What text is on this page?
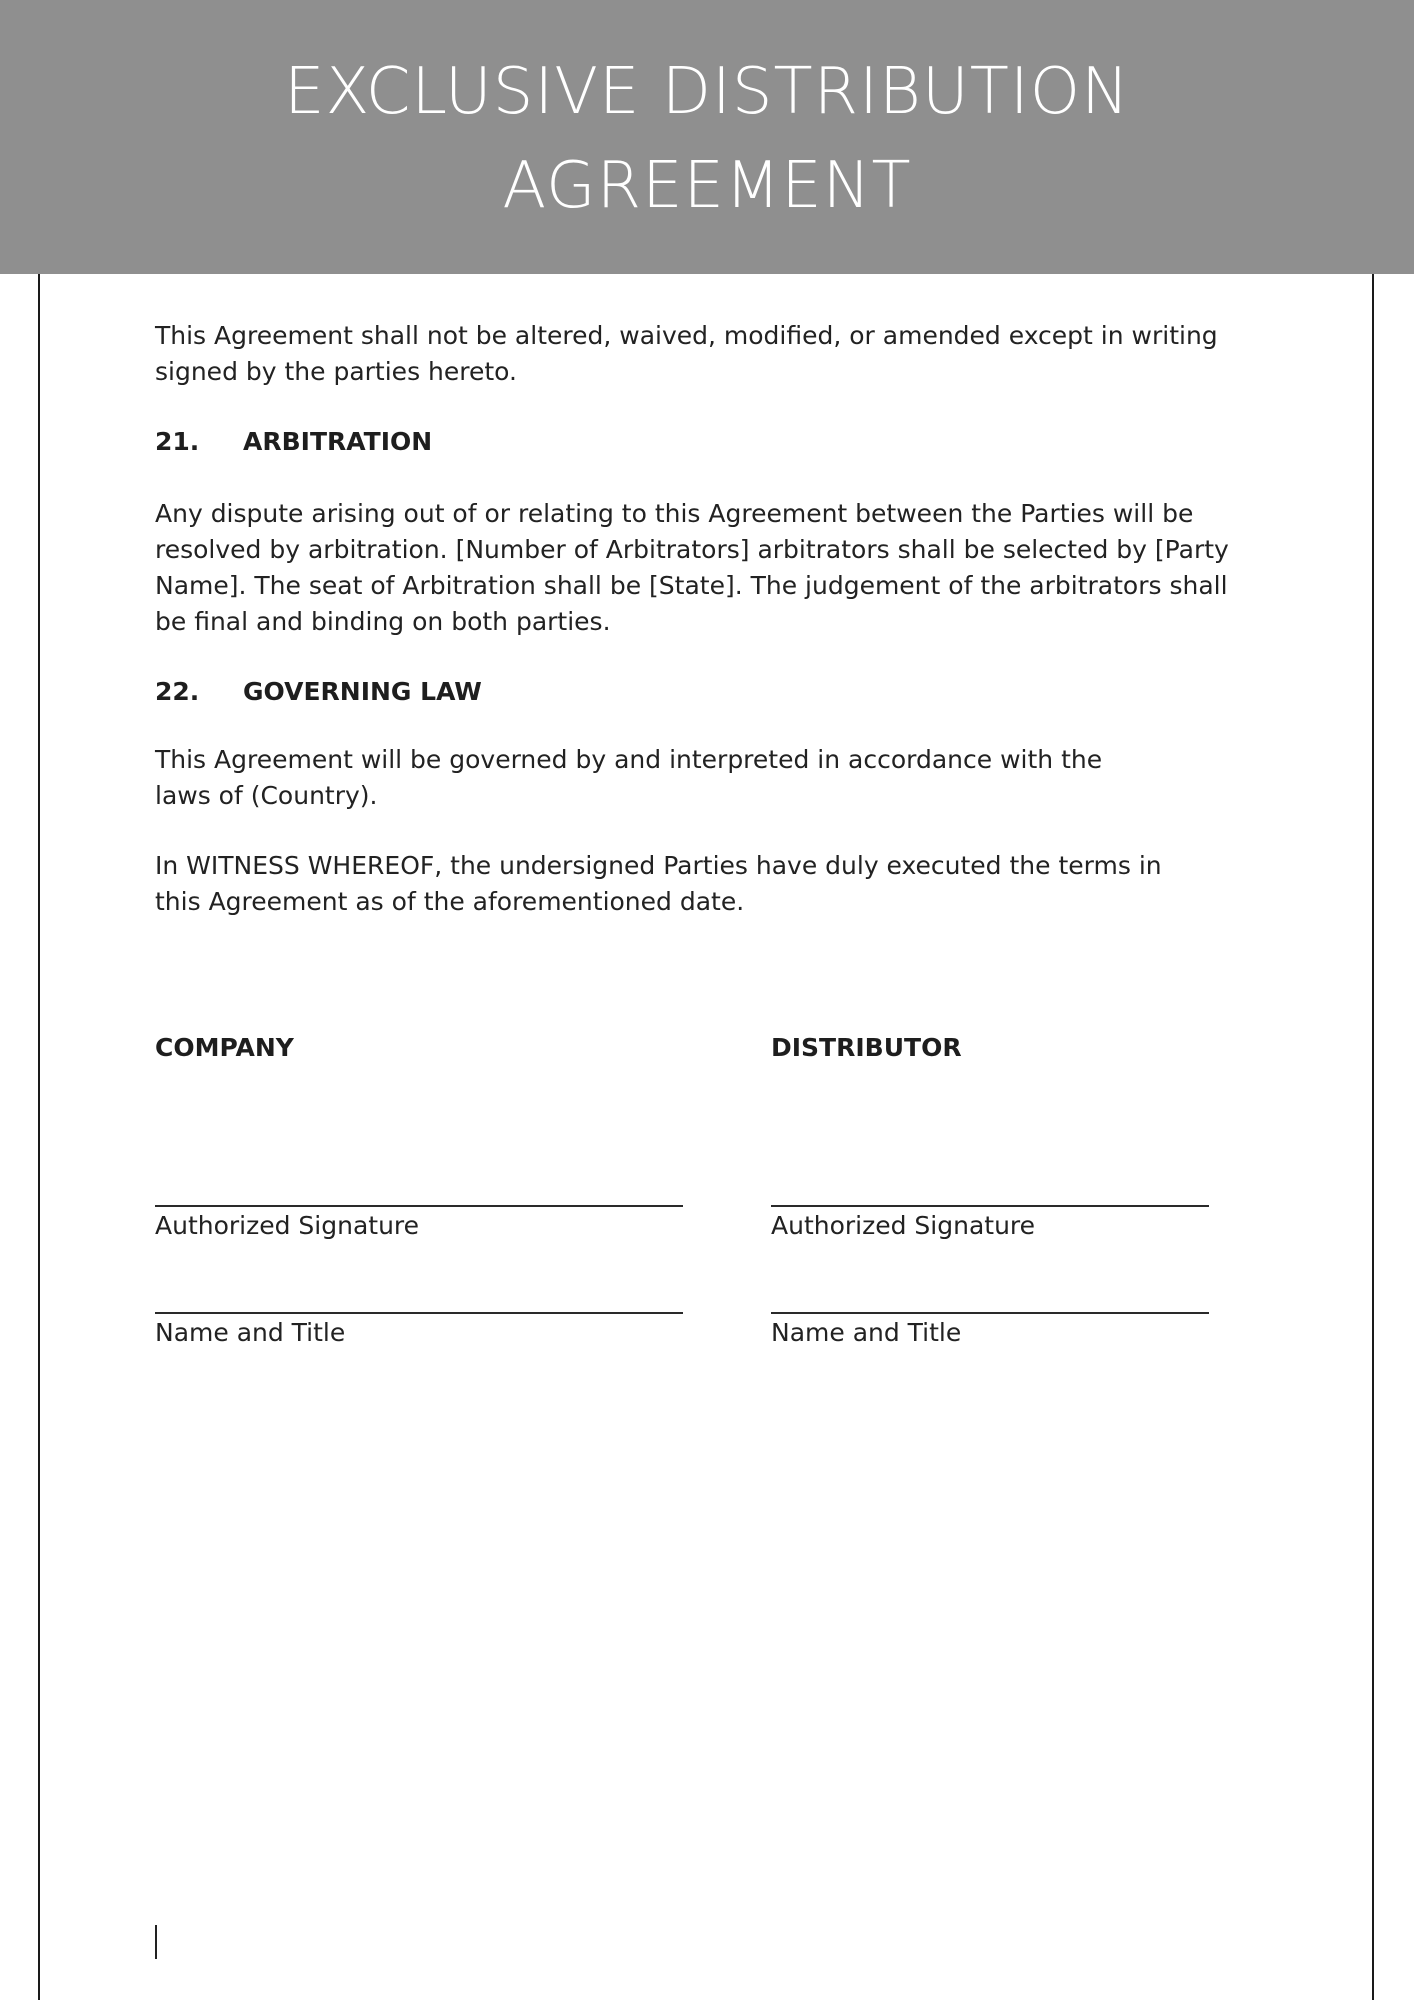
EXCLUSIVE DISTRIBUTION AGREEMENT

This Agreement shall not be altered, waived, modified, or amended except in writing signed by the parties hereto.

21. ARBITRATION

Any dispute arising out of or relating to this Agreement between the Parties will be resolved by arbitration. [Number of Arbitrators] arbitrators shall be selected by [Party Name]. The seat of Arbitration shall be [State]. The judgement of the arbitrators shall be final and binding on both parties.

22. GOVERNING LAW

This Agreement will be governed by and interpreted in accordance with the laws of (Country).

In WITNESS WHEREOF, the undersigned Parties have duly executed the terms in this Agreement as of the aforementioned date.

COMPANY	DISTRIBUTOR
Authorized Signature	Authorized Signature
Name and Title	Name and Title
